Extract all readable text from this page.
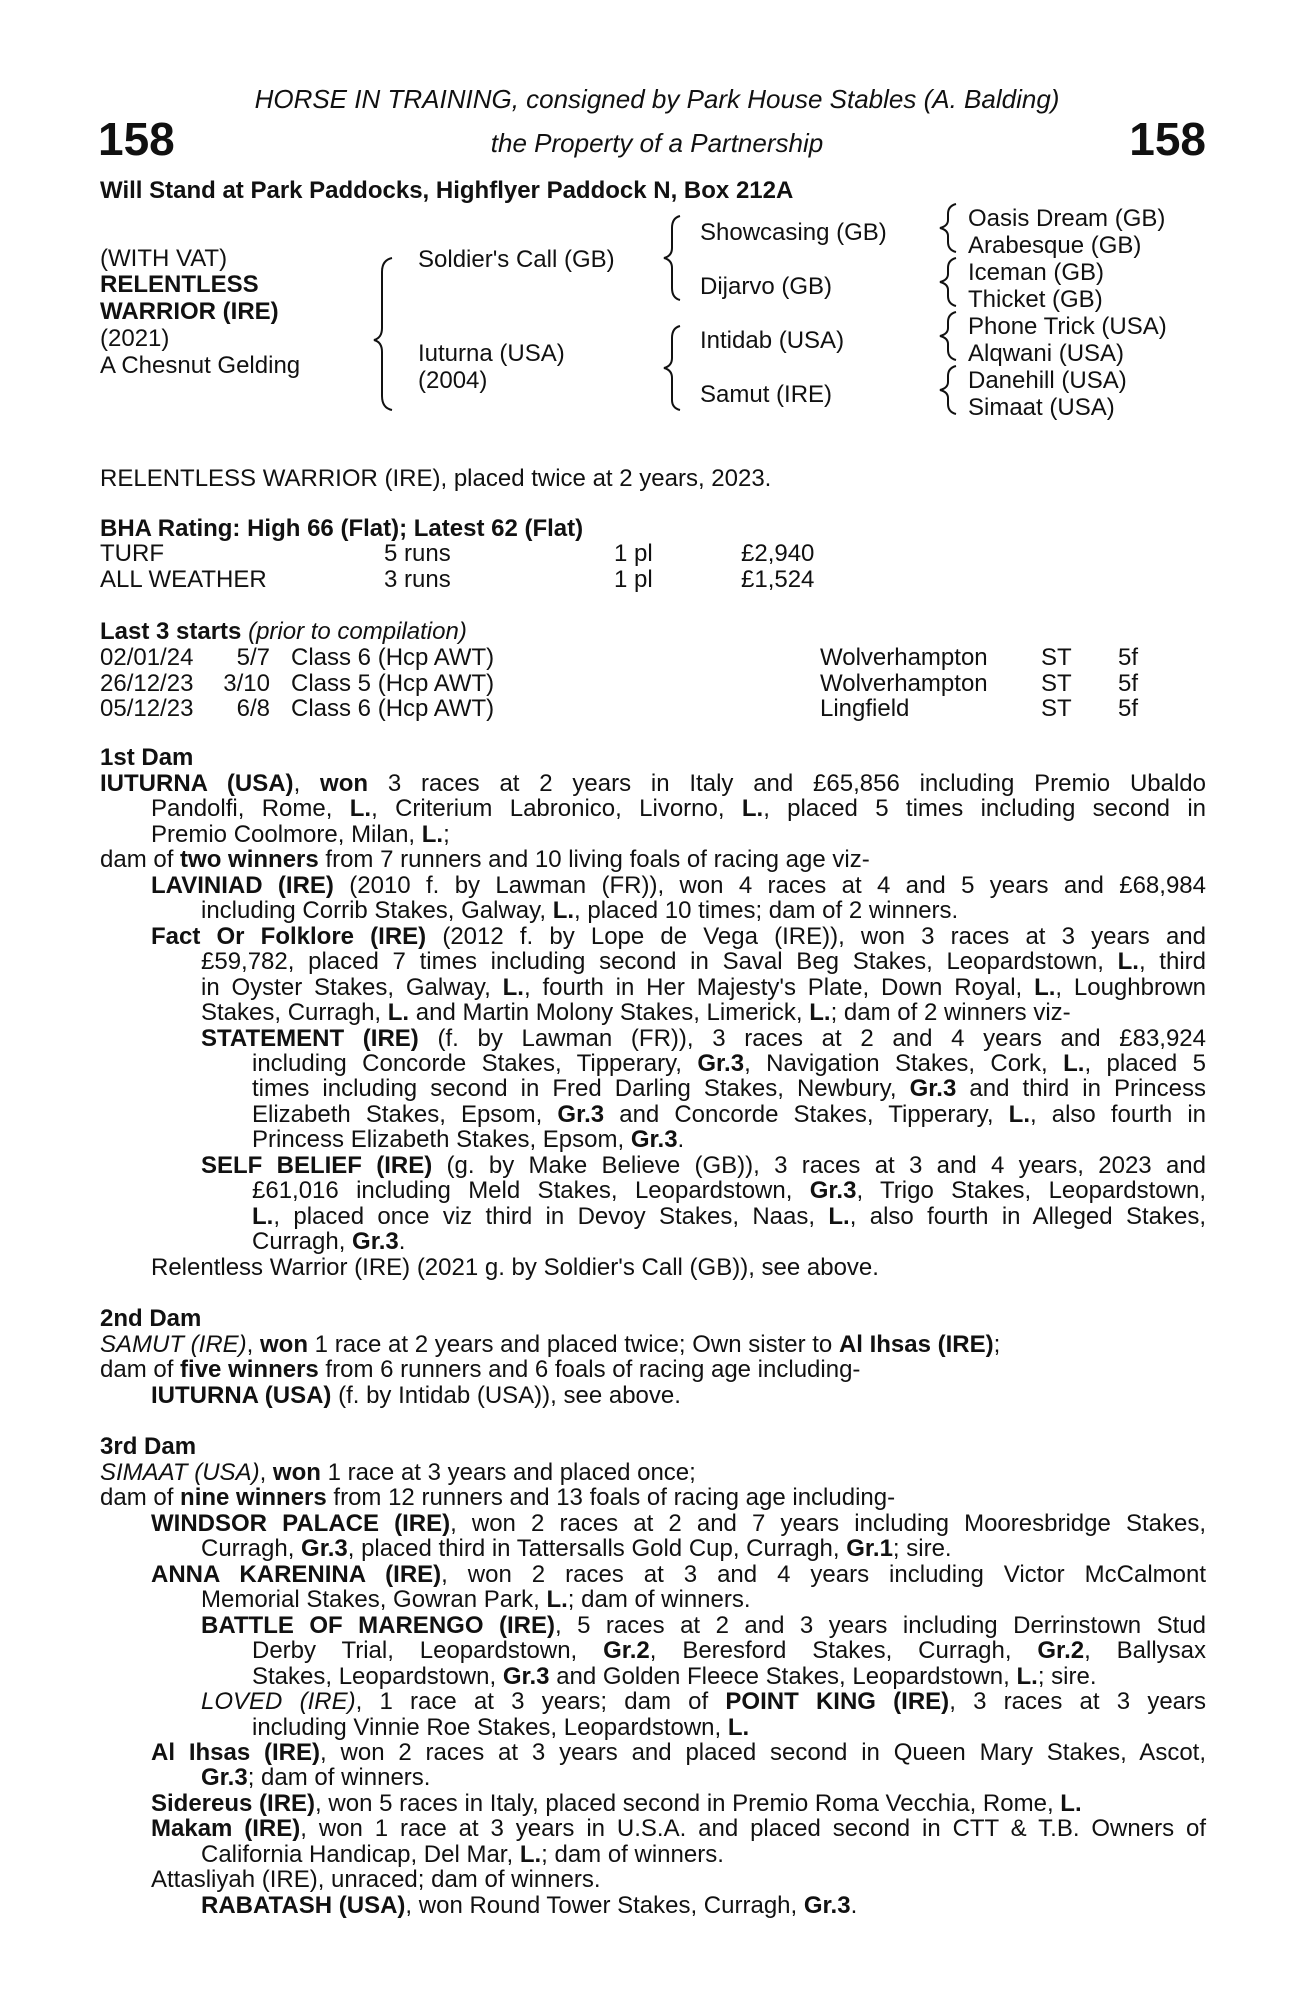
HORSE IN TRAINING, consigned by Park House Stables (A. Balding)
the Property of a Partnership
158	158
Will Stand at Park Paddocks, Highflyer Paddock N, Box 212A
(WITH VAT)
RELENTLESS
WARRIOR (IRE)
(2021)
A Chesnut Gelding
Soldier's Call (GB)
Iuturna (USA)
(2004)
Showcasing (GB)
Dijarvo (GB)
Intidab (USA)
Samut (IRE)
Oasis Dream (GB)
Arabesque (GB)
Iceman (GB)
Thicket (GB)
Phone Trick (USA)
Alqwani (USA)
Danehill (USA)
Simaat (USA)
RELENTLESS WARRIOR (IRE), placed twice at 2 years, 2023.
BHA Rating: High 66 (Flat); Latest 62 (Flat)
TURF	5 runs	1 pl	£2,940
ALL WEATHER	3 runs	1 pl	£1,524
Last 3 starts (prior to compilation)
02/01/24	5/7 Class 6 (Hcp AWT)	Wolverhampton ST 5f
26/12/23	3/10 Class 5 (Hcp AWT)	Wolverhampton ST 5f
05/12/23	6/8 Class 6 (Hcp AWT)	Lingfield	ST 5f
1st Dam
IUTURNA (USA), won 3 races at 2 years in Italy and £65,856 including Premio Ubaldo
Pandolfi, Rome, L., Criterium Labronico, Livorno, L., placed 5 times including second in
Premio Coolmore, Milan, L.;
dam of two winners from 7 runners and 10 living foals of racing age viz-
LAVINIAD (IRE) (2010 f. by Lawman (FR)), won 4 races at 4 and 5 years and £68,984
including Corrib Stakes, Galway, L., placed 10 times; dam of 2 winners.
Fact Or Folklore (IRE) (2012 f. by Lope de Vega (IRE)), won 3 races at 3 years and
£59,782, placed 7 times including second in Saval Beg Stakes, Leopardstown, L., third
in Oyster Stakes, Galway, L., fourth in Her Majesty's Plate, Down Royal, L., Loughbrown
Stakes, Curragh, L. and Martin Molony Stakes, Limerick, L.; dam of 2 winners viz-
STATEMENT (IRE) (f. by Lawman (FR)), 3 races at 2 and 4 years and £83,924
including Concorde Stakes, Tipperary, Gr.3, Navigation Stakes, Cork, L., placed 5
times including second in Fred Darling Stakes, Newbury, Gr.3 and third in Princess
Elizabeth Stakes, Epsom, Gr.3 and Concorde Stakes, Tipperary, L., also fourth in
Princess Elizabeth Stakes, Epsom, Gr.3.
SELF BELIEF (IRE) (g. by Make Believe (GB)), 3 races at 3 and 4 years, 2023 and
£61,016 including Meld Stakes, Leopardstown, Gr.3, Trigo Stakes, Leopardstown,
L., placed once viz third in Devoy Stakes, Naas, L., also fourth in Alleged Stakes,
Curragh, Gr.3.
Relentless Warrior (IRE) (2021 g. by Soldier's Call (GB)), see above.
2nd Dam
SAMUT (IRE), won 1 race at 2 years and placed twice; Own sister to Al Ihsas (IRE);
dam of five winners from 6 runners and 6 foals of racing age including-
IUTURNA (USA) (f. by Intidab (USA)), see above.
3rd Dam
SIMAAT (USA), won 1 race at 3 years and placed once;
dam of nine winners from 12 runners and 13 foals of racing age including-
WINDSOR PALACE (IRE), won 2 races at 2 and 7 years including Mooresbridge Stakes,
Curragh, Gr.3, placed third in Tattersalls Gold Cup, Curragh, Gr.1; sire.
ANNA KARENINA (IRE), won 2 races at 3 and 4 years including Victor McCalmont
Memorial Stakes, Gowran Park, L.; dam of winners.
BATTLE OF MARENGO (IRE), 5 races at 2 and 3 years including Derrinstown Stud
Derby Trial, Leopardstown, Gr.2, Beresford Stakes, Curragh, Gr.2, Ballysax
Stakes, Leopardstown, Gr.3 and Golden Fleece Stakes, Leopardstown, L.; sire.
LOVED (IRE), 1 race at 3 years; dam of POINT KING (IRE), 3 races at 3 years
including Vinnie Roe Stakes, Leopardstown, L.
Al Ihsas (IRE), won 2 races at 3 years and placed second in Queen Mary Stakes, Ascot,
Gr.3; dam of winners.
Sidereus (IRE), won 5 races in Italy, placed second in Premio Roma Vecchia, Rome, L.
Makam (IRE), won 1 race at 3 years in U.S.A. and placed second in CTT & T.B. Owners of
California Handicap, Del Mar, L.; dam of winners.
Attasliyah (IRE), unraced; dam of winners.
RABATASH (USA), won Round Tower Stakes, Curragh, Gr.3.
